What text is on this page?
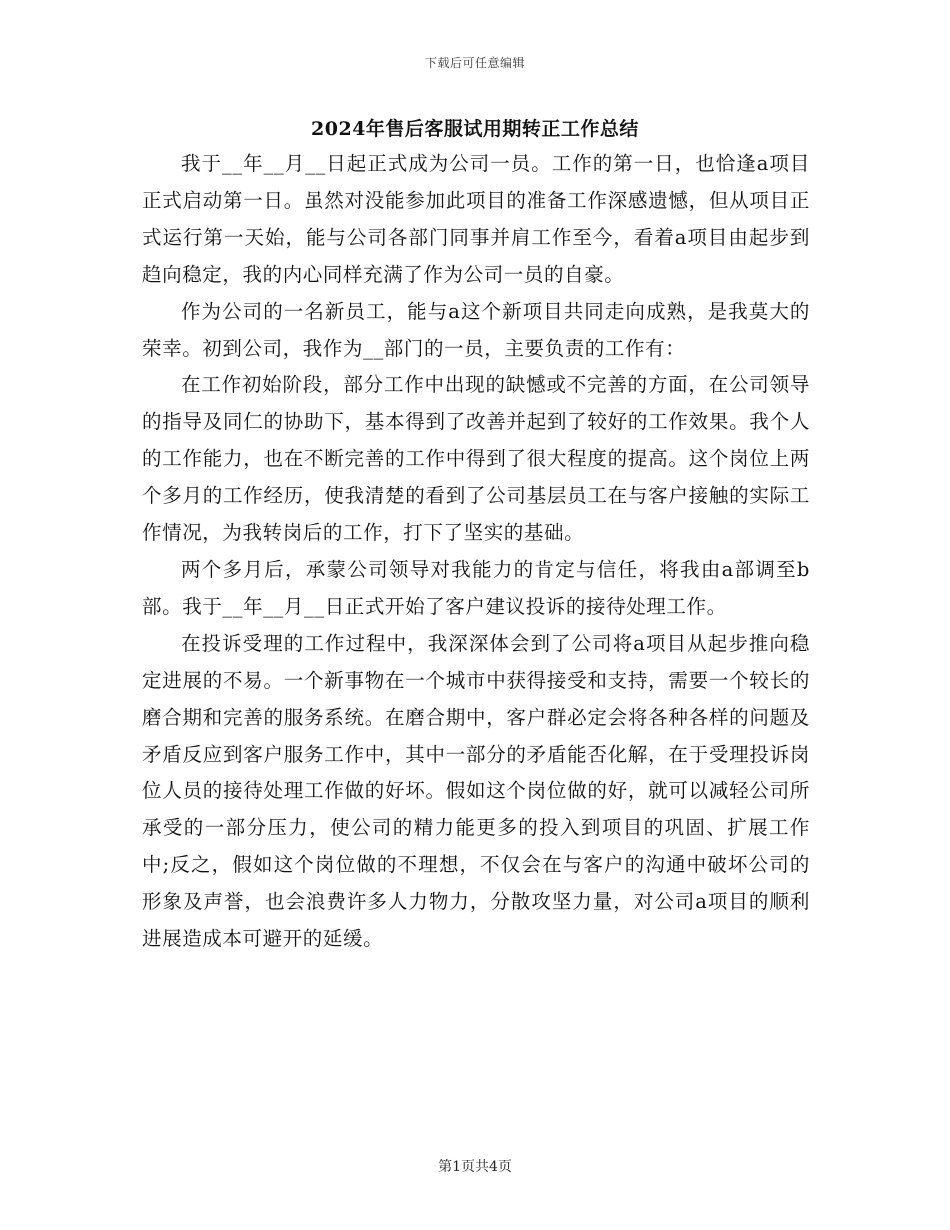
下载后可任意编辑
2024年售后客服试用期转正工作总结

我于__年__月__日起正式成为公司一员。工作的第一日，也恰逢a项目正式启动第一日。虽然对没能参加此项目的准备工作深感遗憾，但从项目正式运行第一天始，能与公司各部门同事并肩工作至今，看着a项目由起步到趋向稳定，我的内心同样充满了作为公司一员的自豪。

作为公司的一名新员工，能与a这个新项目共同走向成熟，是我莫大的荣幸。初到公司，我作为__部门的一员，主要负责的工作有：

在工作初始阶段，部分工作中出现的缺憾或不完善的方面，在公司领导的指导及同仁的协助下，基本得到了改善并起到了较好的工作效果。我个人的工作能力，也在不断完善的工作中得到了很大程度的提高。这个岗位上两个多月的工作经历，使我清楚的看到了公司基层员工在与客户接触的实际工作情况，为我转岗后的工作，打下了坚实的基础。

两个多月后，承蒙公司领导对我能力的肯定与信任，将我由a部调至b部。我于__年__月__日正式开始了客户建议投诉的接待处理工作。

在投诉受理的工作过程中，我深深体会到了公司将a项目从起步推向稳定进展的不易。一个新事物在一个城市中获得接受和支持，需要一个较长的磨合期和完善的服务系统。在磨合期中，客户群必定会将各种各样的问题及矛盾反应到客户服务工作中，其中一部分的矛盾能否化解，在于受理投诉岗位人员的接待处理工作做的好坏。假如这个岗位做的好，就可以减轻公司所承受的一部分压力，使公司的精力能更多的投入到项目的巩固、扩展工作中;反之，假如这个岗位做的不理想，不仅会在与客户的沟通中破坏公司的形象及声誉，也会浪费许多人力物力，分散攻坚力量，对公司a项目的顺利进展造成本可避开的延缓。

第1页共4页
